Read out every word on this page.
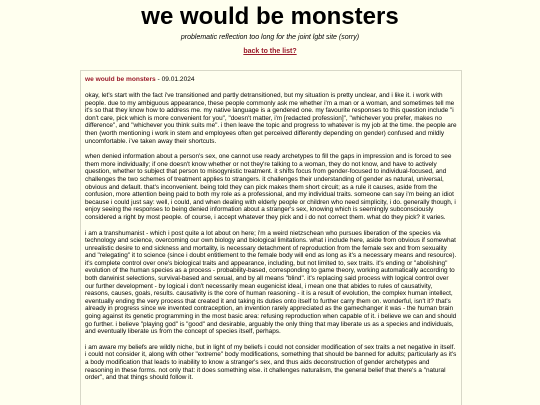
we would be monsters
problematic reflection too long for the joint lgbt site (sorry)
back to the list?
we would be monsters - 09.01.2024

okay, let's start with the fact i've transitioned and partly detransitioned, but my situation is pretty unclear, and i like it. i work with people. due to my ambiguous appearance, these people commonly ask me whether i'm a man or a woman, and sometimes tell me it's so that they know how to address me. my native language is a gendered one. my favourite responses to this question include "i don't care, pick which is more convenient for you", "doesn't matter, i'm [redacted profession]", "whichever you prefer, makes no difference", and "whichever you think suits me". i then leave the topic and progress to whatever is my job at the time. the people are then (worth mentioning i work in stem and employees often get perceived differently depending on gender) confused and mildly uncomfortable. i've taken away their shortcuts.

when denied information about a person's sex, one cannot use ready archetypes to fill the gaps in impression and is forced to see them more individually; if one doesn't know whether or not they're talking to a woman, they do not know, and have to actively question, whether to subject that person to misogynistic treatment. it shifts focus from gender-focused to individual-focused, and challenges the two schemes of treatment applies to strangers. it challenges their understanding of gender as natural, universal, obvious and default. that's inconvenient. being told they can pick makes them short circuit; as a rule it causes, aside from the confusion, more attention being paid to both my role as a professional, and my individual traits. someone can say i'm being an idiot because i could just say: well, i could, and when dealing with elderly people or children who need simplicity, i do. generally though, i enjoy seeing the responses to being denied information about a stranger's sex, knowing which is seemingly subconsciously considered a right by most people. of course, i accept whatever they pick and i do not correct them. what do they pick? it varies.

i am a transhumanist - which i post quite a lot about on here; i'm a weird nietzschean who pursues liberation of the species via technology and science, overcoming our own biology and biological limitations. what i include here, aside from obvious if somewhat unrealistic desire to end sickness and mortality, is necessary detachment of reproduction from the female sex and from sexuality and "relegating" it to science (since i doubt entitlement to the female body will end as long as it's a necessary means and resource). it's complete control over one's biological traits and appearance, including, but not limited to, sex traits. it's ending or "abolishing" evolution of the human species as a process - probability-based, corresponding to game theory, working automatically according to both darwinist selections, survival-based and sexual, and by all means "blind". it's replacing said process with logical control over our further development - by logical i don't necessarily mean eugenicist ideal, i mean one that abides to rules of causativity, reasons, causes, goals, results. causativity is the core of human reasoning - it is a result of evolution, the complex human intellect, eventually ending the very process that created it and taking its duties onto itself to further carry them on. wonderful, isn't it? that's already in progress since we invented contraception, an invention rarely appreciated as the gamechanger it was - the human brain going against its genetic programming in the most basic area: refusing reproduction when capable of it. i believe we can and should go further. i believe "playing god" is "good" and desirable, arguably the only thing that may liberate us as a species and individuals, and eventually liberate us from the concept of species itself, perhaps.

i am aware my beliefs are wildly niche, but in light of my beliefs i could not consider modification of sex traits a net negative in itself. i could not consider it, along with other "extreme" body modifications, something that should be banned for adults; particularly as it's a body modification that leads to inability to know a stranger's sex, and thus aids deconstruction of gender archetypes and reasoning in these forms. not only that: it does something else. it challenges naturalism, the general belief that there's a "natural order", and that things should follow it.
